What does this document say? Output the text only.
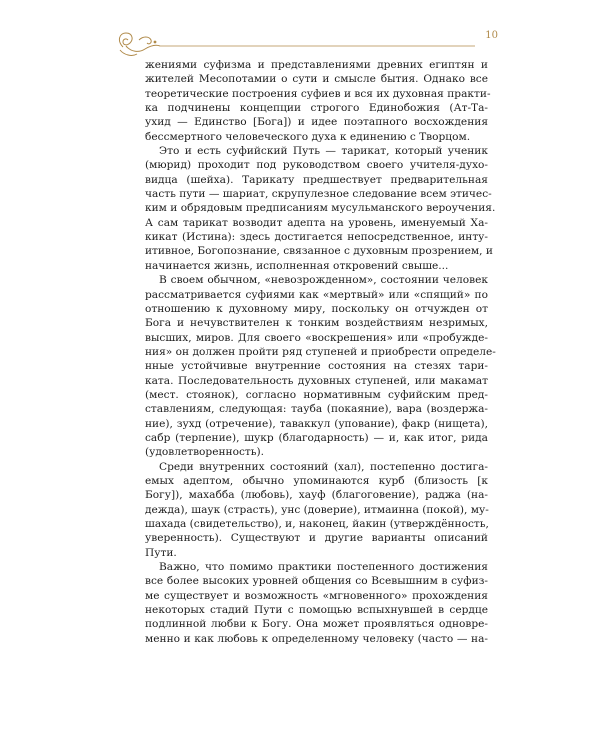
10

жениями суфизма и представлениями древних египтян и
жителей Месопотамии о сути и смысле бытия. Однако все
теоретические построения суфиев и вся их духовная практи-
ка подчинены концепции строгого Единобожия (Ат-Та-
ухид — Единство [Бога]) и идее поэтапного восхождения
бессмертного человеческого духа к единению с Творцом.

Это и есть суфийский Путь — тарикат, который ученик
(мюрид) проходит под руководством своего учителя-духо-
видца (шейха). Тарикату предшествует предварительная
часть пути — шариат, скрупулезное следование всем этичес-
ким и обрядовым предписаниям мусульманского вероучения.
А сам тарикат возводит адепта на уровень, именуемый Ха-
кикат (Истина): здесь достигается непосредственное, инту-
итивное, Богопознание, связанное с духовным прозрением, и
начинается жизнь, исполненная откровений свыше...

В своем обычном, «невозрожденном», состоянии человек
рассматривается суфиями как «мертвый» или «спящий» по
отношению к духовному миру, поскольку он отчужден от
Бога и нечувствителен к тонким воздействиям незримых,
высших, миров. Для своего «воскрешения» или «пробужде-
ния» он должен пройти ряд ступеней и приобрести определе-
нные устойчивые внутренние состояния на стезях тари-
ката. Последовательность духовных ступеней, или макамат
(мест. стоянок), согласно нормативным суфийским пред-
ставлениям, следующая: тауба (покаяние), вара (воздержа-
ние), зухд (отречение), таваккул (упование), факр (нищета),
сабр (терпение), шукр (благодарность) — и, как итог, рида
(удовлетворенность).

Среди внутренних состояний (хал), постепенно достига-
емых адептом, обычно упоминаются курб (близость [к
Богу]), махабба (любовь), хауф (благоговение), раджа (на-
дежда), шаук (страсть), унс (доверие), итмаинна (покой), му-
шахада (свидетельство), и, наконец, йакин (утверждённость,
уверенность). Существуют и другие варианты описаний
Пути.

Важно, что помимо практики постепенного достижения
все более высоких уровней общения со Всевышним в суфиз-
ме существует и возможность «мгновенного» прохождения
некоторых стадий Пути с помощью вспыхнувшей в сердце
подлинной любви к Богу. Она может проявляться одновре-
менно и как любовь к определенному человеку (часто — на-
